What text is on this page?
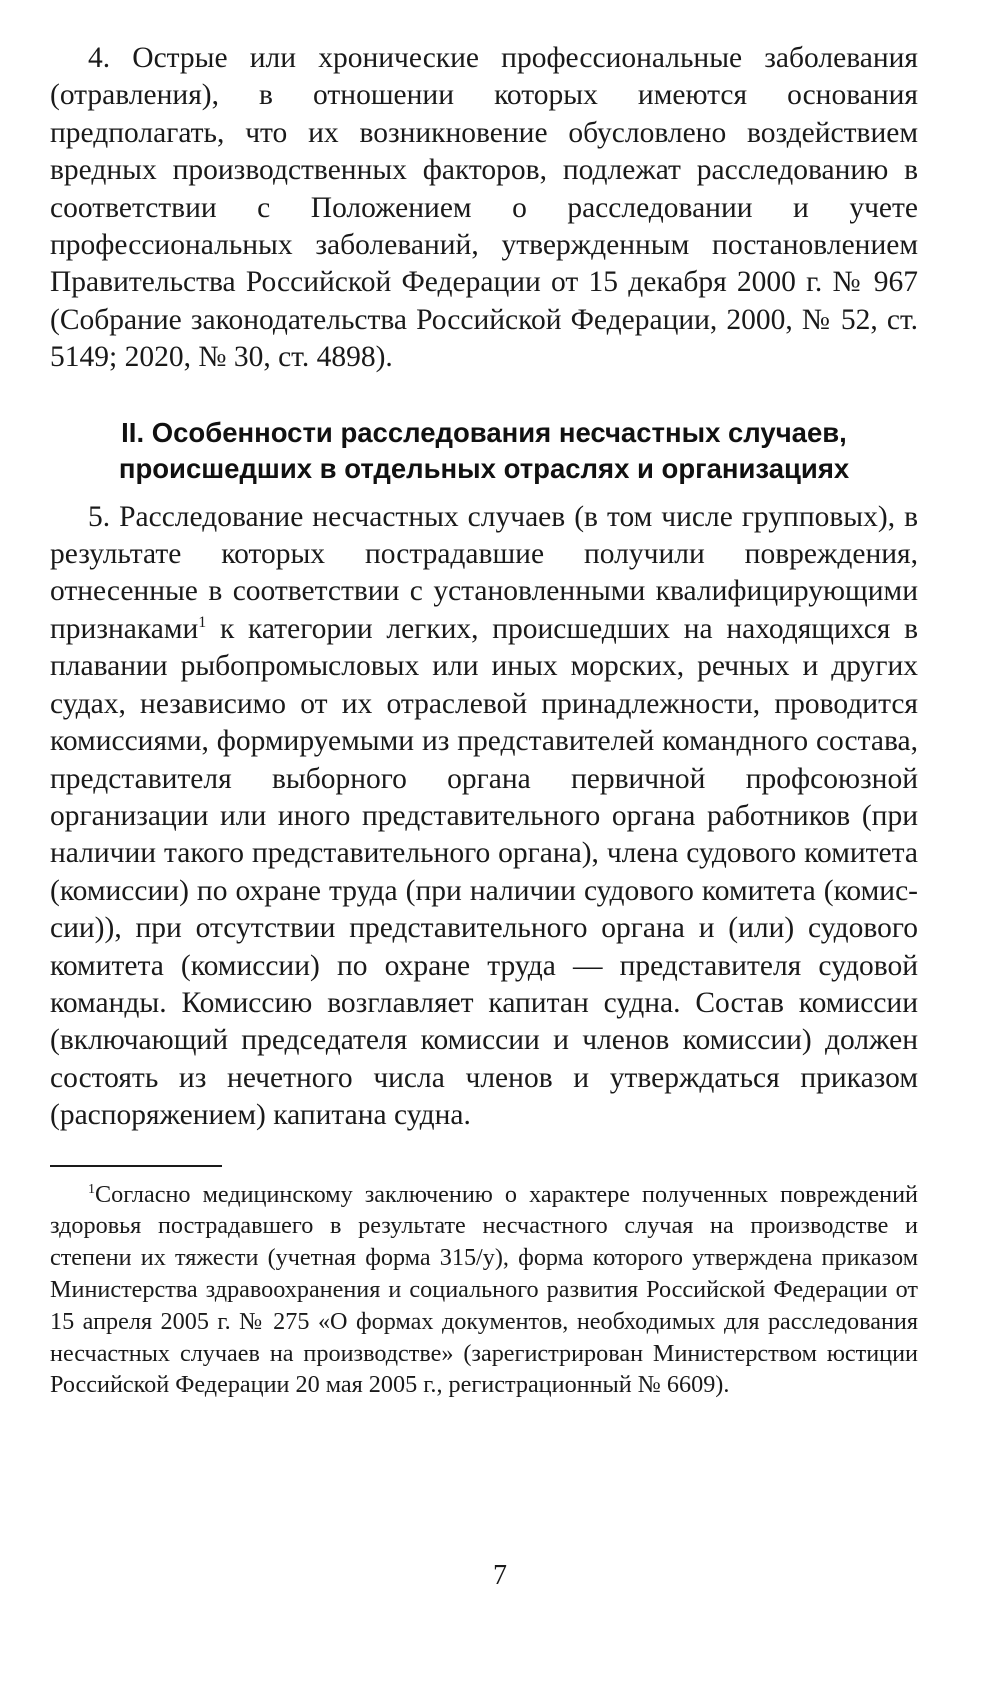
4. Острые или хронические профессиональные заболевания (отравления), в отношении которых имеются основания предполагать, что их возникновение обусловлено воздействием вредных производственных факторов, подлежат расследованию в соответствии с Положением о расследовании и учете профессиональных заболеваний, утвержденным постановлением Правительства Российской Федерации от 15 декабря 2000 г. № 967 (Собрание законодательства Российской Федерации, 2000, № 52, ст. 5149; 2020, № 30, ст. 4898).

II. Особенности расследования несчастных случаев,
происшедших в отдельных отраслях и организациях

5. Расследование несчастных случаев (в том числе групповых), в результате которых пострадавшие получили повреждения, отнесенные в соответствии с установленными квалифицирующими признаками$^1$ к категории легких, происшедших на находящихся в плавании рыбопромысловых или иных морских, речных и других судах, независимо от их отраслевой принадлежности, проводится комиссиями, формируемыми из представителей командного состава, представителя выборного органа первичной профсоюзной организации или иного представительного органа работников (при наличии такого представительного органа), члена судового комитета (комиссии) по охране труда (при наличии судового комитета (комиссии)), при отсутствии представительного органа и (или) судового комитета (комиссии) по охране труда — представителя судовой команды. Комиссию возглавляет капитан судна. Состав комиссии (включающий председателя комиссии и членов комиссии) должен состоять из нечетного числа членов и утверждаться приказом (распоряжением) капитана судна.

$^1$Согласно медицинскому заключению о характере полученных повреждений здоровья пострадавшего в результате несчастного случая на производстве и степени их тяжести (учетная форма 315/у), форма которого утверждена приказом Министерства здравоохранения и социального развития Российской Федерации от 15 апреля 2005 г. № 275 «О формах документов, необходимых для расследования несчастных случаев на производстве» (зарегистрирован Министерством юстиции Российской Федерации 20 мая 2005 г., регистрационный № 6609).

7
